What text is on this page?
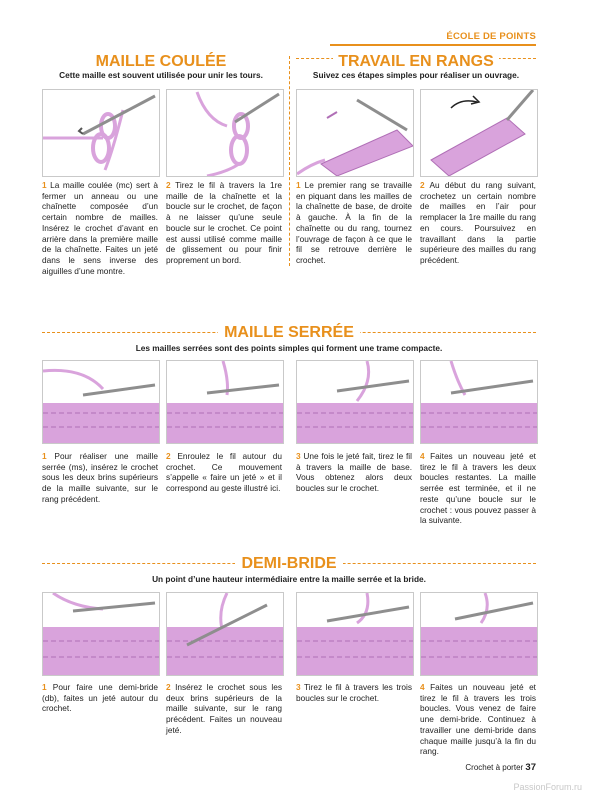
ÉCOLE DE POINTS
MAILLE COULÉE
Cette maille est souvent utilisée pour unir les tours.
1 La maille coulée (mc) sert à fermer un anneau ou une chaînette composée d’un certain nombre de mailles. Insérez le crochet d’avant en arrière dans la première maille de la chaînette. Faites un jeté dans le sens inverse des aiguilles d’une montre.
2 Tirez le fil à travers la 1re maille de la chaînette et la boucle sur le crochet, de façon à ne laisser qu’une seule boucle sur le crochet. Ce point est aussi utilisé comme maille de glissement ou pour finir proprement un bord.
TRAVAIL EN RANGS
Suivez ces étapes simples pour réaliser un ouvrage.
1 Le premier rang se travaille en piquant dans les mailles de la chaînette de base, de droite à gauche. À la fin de la chaînette ou du rang, tournez l’ouvrage de façon à ce que le fil se retrouve derrière le crochet.
2 Au début du rang suivant, crochetez un certain nombre de mailles en l’air pour remplacer la 1re maille du rang en cours. Poursuivez en travaillant dans la partie supérieure des mailles du rang précédent.
MAILLE SERRÉE
Les mailles serrées sont des points simples qui forment une trame compacte.
1 Pour réaliser une maille serrée (ms), insérez le crochet sous les deux brins supérieurs de la maille suivante, sur le rang précédent.
2 Enroulez le fil autour du crochet. Ce mouvement s’appelle « faire un jeté » et il correspond au geste illustré ici.
3 Une fois le jeté fait, tirez le fil à travers la maille de base. Vous obtenez alors deux boucles sur le crochet.
4 Faites un nouveau jeté et tirez le fil à travers les deux boucles restantes. La maille serrée est terminée, et il ne reste qu’une boucle sur le crochet : vous pouvez passer à la suivante.
DEMI-BRIDE
Un point d’une hauteur intermédiaire entre la maille serrée et la bride.
1 Pour faire une demi-bride (db), faites un jeté autour du crochet.
2 Insérez le crochet sous les deux brins supérieurs de la maille suivante, sur le rang précédent. Faites un nouveau jeté.
3 Tirez le fil à travers les trois boucles sur le crochet.
4 Faites un nouveau jeté et tirez le fil à travers les trois boucles. Vous venez de faire une demi-bride. Continuez à travailler une demi-bride dans chaque maille jusqu’à la fin du rang.
Crochet à porter 37
PassionForum.ru
